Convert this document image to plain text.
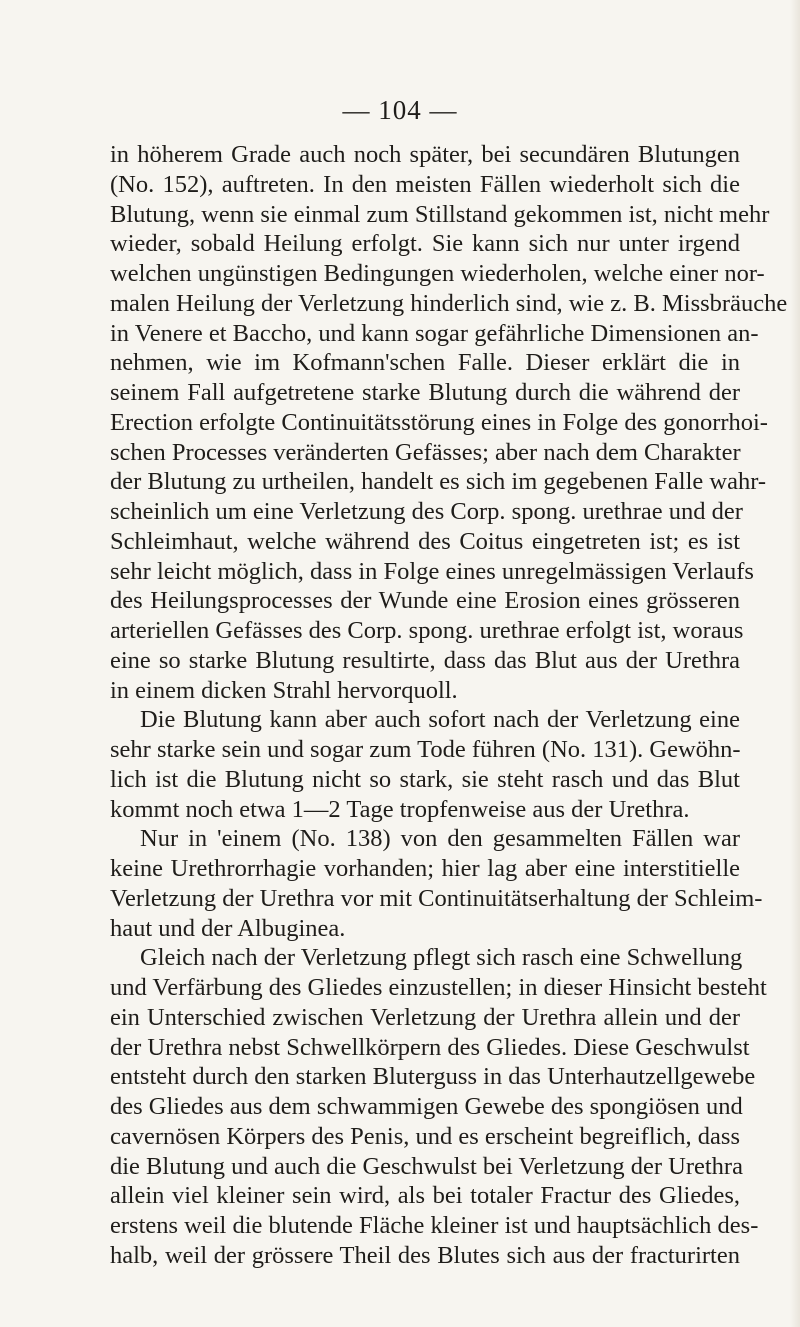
— 104 —
in höherem Grade auch noch später, bei secundären Blutungen
(No. 152), auftreten. In den meisten Fällen wiederholt sich die
Blutung, wenn sie einmal zum Stillstand gekommen ist, nicht mehr
wieder, sobald Heilung erfolgt. Sie kann sich nur unter irgend
welchen ungünstigen Bedingungen wiederholen, welche einer nor-
malen Heilung der Verletzung hinderlich sind, wie z. B. Missbräuche
in Venere et Baccho, und kann sogar gefährliche Dimensionen an-
nehmen, wie im Kofmann'schen Falle. Dieser erklärt die in
seinem Fall aufgetretene starke Blutung durch die während der
Erection erfolgte Continuitätsstörung eines in Folge des gonorrhoi-
schen Processes veränderten Gefässes; aber nach dem Charakter
der Blutung zu urtheilen, handelt es sich im gegebenen Falle wahr-
scheinlich um eine Verletzung des Corp. spong. urethrae und der
Schleimhaut, welche während des Coitus eingetreten ist; es ist
sehr leicht möglich, dass in Folge eines unregelmässigen Verlaufs
des Heilungsprocesses der Wunde eine Erosion eines grösseren
arteriellen Gefässes des Corp. spong. urethrae erfolgt ist, woraus
eine so starke Blutung resultirte, dass das Blut aus der Urethra
in einem dicken Strahl hervorquoll.
Die Blutung kann aber auch sofort nach der Verletzung eine
sehr starke sein und sogar zum Tode führen (No. 131). Gewöhn-
lich ist die Blutung nicht so stark, sie steht rasch und das Blut
kommt noch etwa 1—2 Tage tropfenweise aus der Urethra.
Nur in 'einem (No. 138) von den gesammelten Fällen war
keine Urethrorrhagie vorhanden; hier lag aber eine interstitielle
Verletzung der Urethra vor mit Continuitätserhaltung der Schleim-
haut und der Albuginea.
Gleich nach der Verletzung pflegt sich rasch eine Schwellung
und Verfärbung des Gliedes einzustellen; in dieser Hinsicht besteht
ein Unterschied zwischen Verletzung der Urethra allein und der
der Urethra nebst Schwellkörpern des Gliedes. Diese Geschwulst
entsteht durch den starken Bluterguss in das Unterhautzellgewebe
des Gliedes aus dem schwammigen Gewebe des spongiösen und
cavernösen Körpers des Penis, und es erscheint begreiflich, dass
die Blutung und auch die Geschwulst bei Verletzung der Urethra
allein viel kleiner sein wird, als bei totaler Fractur des Gliedes,
erstens weil die blutende Fläche kleiner ist und hauptsächlich des-
halb, weil der grössere Theil des Blutes sich aus der fracturirten
